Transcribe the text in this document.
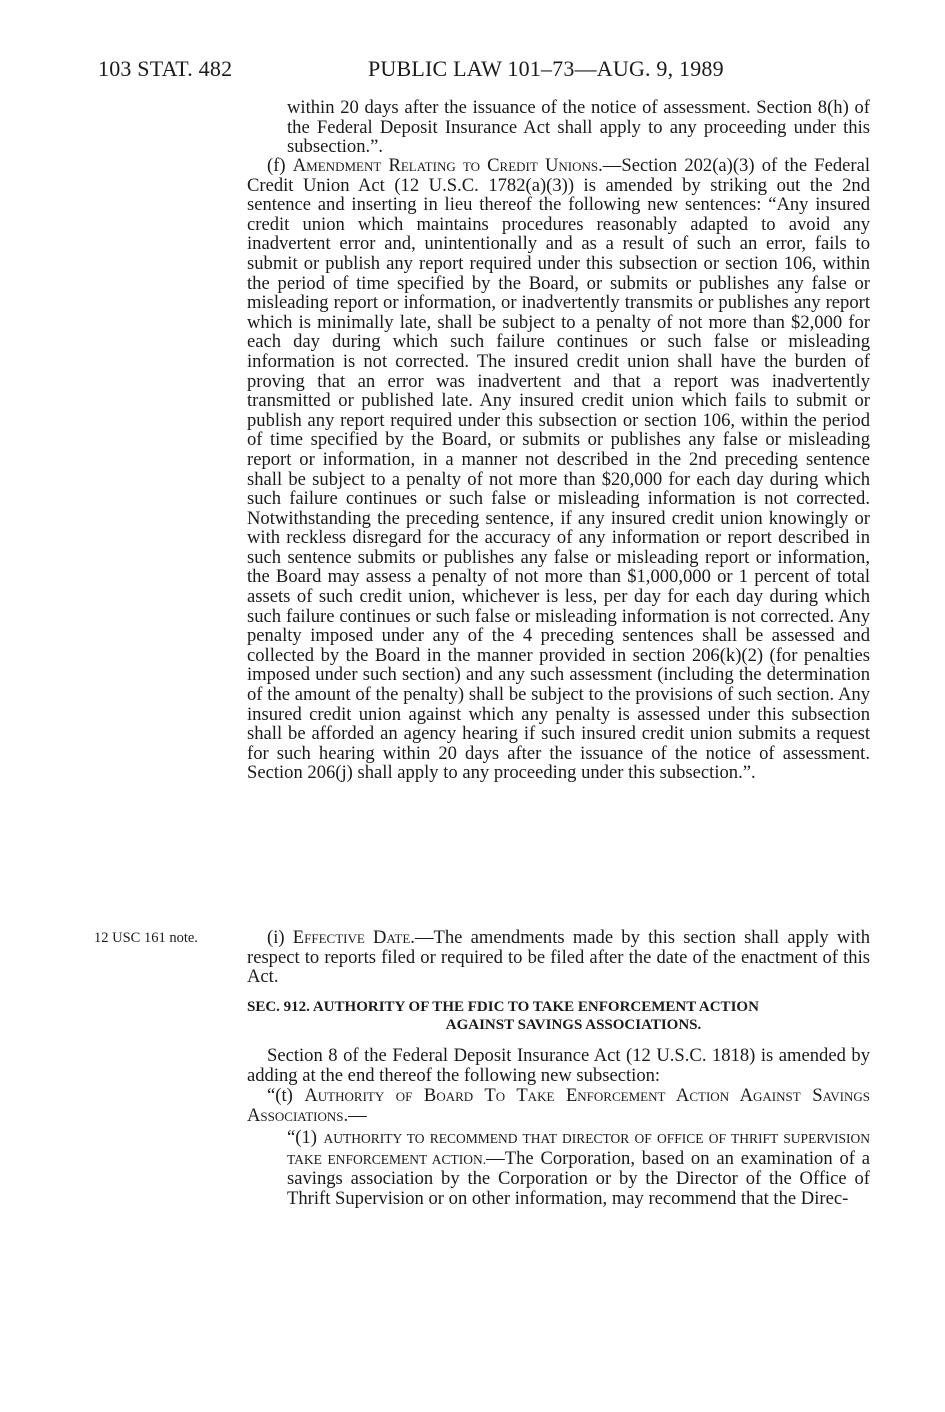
103 STAT. 482	PUBLIC LAW 101–73—AUG. 9, 1989

within 20 days after the issuance of the notice of assessment. Section 8(h) of the Federal Deposit Insurance Act shall apply to any proceeding under this subsection.”.

(f) Amendment Relating to Credit Unions.—Section 202(a)(3) of the Federal Credit Union Act (12 U.S.C. 1782(a)(3)) is amended by striking out the 2nd sentence and inserting in lieu thereof the following new sentences: “Any insured credit union which maintains procedures reasonably adapted to avoid any inadvertent error and, unintentionally and as a result of such an error, fails to submit or publish any report required under this subsection or section 106, within the period of time specified by the Board, or submits or publishes any false or misleading report or information, or inadvertently transmits or publishes any report which is minimally late, shall be subject to a penalty of not more than $2,000 for each day during which such failure continues or such false or misleading information is not corrected. The insured credit union shall have the burden of proving that an error was inadvertent and that a report was inadvertently transmitted or published late. Any insured credit union which fails to submit or publish any report required under this subsection or section 106, within the period of time specified by the Board, or submits or publishes any false or misleading report or information, in a manner not described in the 2nd preceding sentence shall be subject to a penalty of not more than $20,000 for each day during which such failure continues or such false or misleading information is not corrected. Notwithstanding the preceding sentence, if any insured credit union knowingly or with reckless disregard for the accuracy of any information or report described in such sentence submits or publishes any false or misleading report or information, the Board may assess a penalty of not more than $1,000,000 or 1 percent of total assets of such credit union, whichever is less, per day for each day during which such failure continues or such false or misleading information is not corrected. Any penalty imposed under any of the 4 preceding sentences shall be assessed and collected by the Board in the manner provided in section 206(k)(2) (for penalties imposed under such section) and any such assessment (including the determination of the amount of the penalty) shall be subject to the provisions of such section. Any insured credit union against which any penalty is assessed under this subsection shall be afforded an agency hearing if such insured credit union submits a request for such hearing within 20 days after the issuance of the notice of assessment. Section 206(j) shall apply to any proceeding under this subsection.”.

12 USC 161 note.	(i) Effective Date.—The amendments made by this section shall apply with respect to reports filed or required to be filed after the date of the enactment of this Act.

SEC. 912. AUTHORITY OF THE FDIC TO TAKE ENFORCEMENT ACTION
AGAINST SAVINGS ASSOCIATIONS.

Section 8 of the Federal Deposit Insurance Act (12 U.S.C. 1818) is amended by adding at the end thereof the following new subsection:

“(t) Authority of Board To Take Enforcement Action Against Savings Associations.—

“(1) AUTHORITY TO RECOMMEND THAT DIRECTOR OF OFFICE OF THRIFT SUPERVISION TAKE ENFORCEMENT ACTION.—The Corporation, based on an examination of a savings association by the Corporation or by the Director of the Office of Thrift Supervision or on other information, may recommend that the Direc-
